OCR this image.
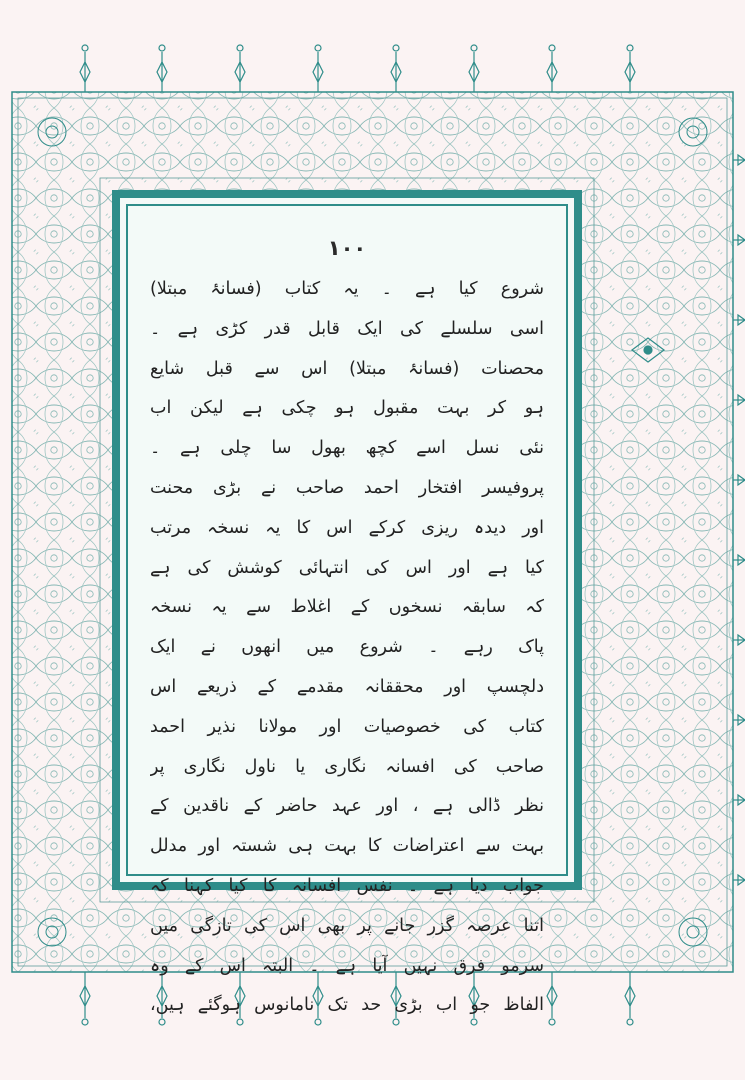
١٠٠
شروع کیا ہے ۔ یہ کتاب (فسانۂ مبتلا)
اسی سلسلے کی ایک قابل قدر کڑی ہے ۔
محصنات (فسانۂ مبتلا) اس سے قبل شایع
ہو کر بہت مقبول ہو چکی ہے لیکن اب
نئی نسل اسے کچھ بھول سا چلی ہے ۔
پروفیسر افتخار احمد صاحب نے بڑی محنت
اور دیدہ ریزی کرکے اس کا یہ نسخہ مرتب
کیا ہے اور اس کی انتہائی کوشش کی ہے
کہ سابقہ نسخوں کے اغلاط سے یہ نسخہ
پاک رہے ۔ شروع میں انھوں نے ایک
دلچسپ اور محققانہ مقدمے کے ذریعے اس
کتاب کی خصوصیات اور مولانا نذیر احمد
صاحب کی افسانہ نگاری یا ناول نگاری پر
نظر ڈالی ہے ، اور عہد حاضر کے ناقدین کے
بہت سے اعتراضات کا بہت ہی شستہ اور مدلل
جواب دیا ہے ۔ نفس افسانہ کا کیا کہنا کہ
اتنا عرصہ گزر جانے پر بھی اس کی تازگی میں
سرمو فرق نہیں آیا ہے ۔ البتہ اس کے وہ
الفاظ جو اب بڑی حد تک نامانوس ہوگئے ہیں،
